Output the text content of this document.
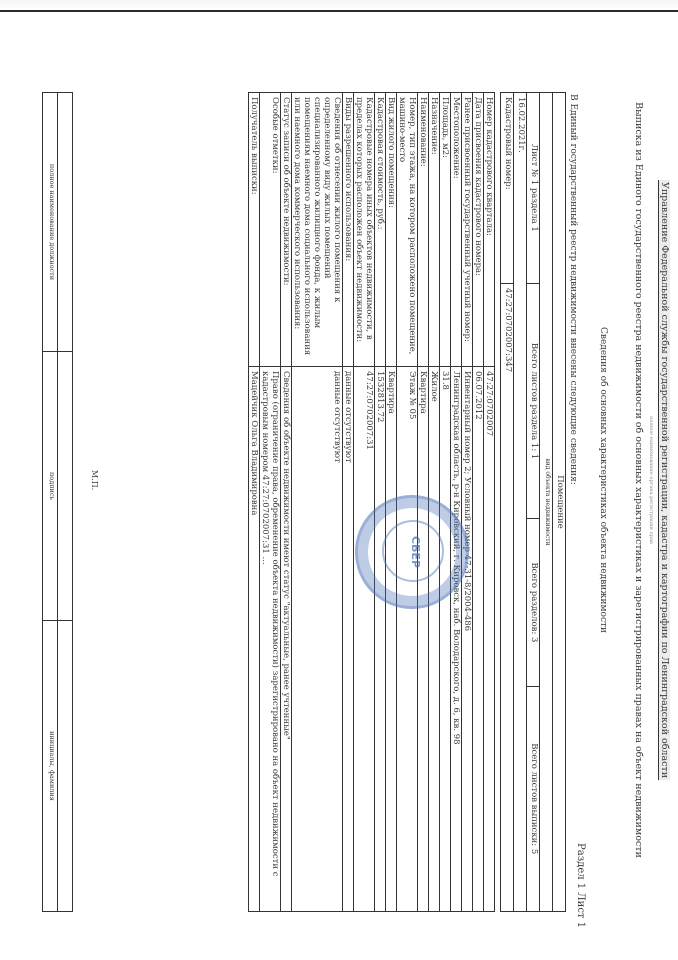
Управление Федеральной службы государственной регистрации, кадастра и картографии по Ленинградской области
полное наименование органа регистрации прав
Выписка из Единого государственного реестра недвижимости об основных характеристиках и зарегистрированных правах на объект недвижимости
Сведения об основных характеристиках объекта недвижимости
Раздел 1 Лист 1
В Единый государственный реестр недвижимости внесены следующие сведения:
Помещение			
вид объекта недвижимости			
Лист № 1 раздела 1	Всего листов раздела 1: 1	Всего разделов: 3	Всего листов выписки: 5
16.02.2021г.			
Кадастровый номер:	47:27:0702007:347		
Номер кадастрового квартала:	47:27:0702007
Дата присвоения кадастрового номера:	06.07.2012
Ранее присвоенный государственный учетный номер:	Инвентарный номер 2; Условный номер 47-31-8/2004-486
Местоположение:	Ленинградская область, р-н Кировский, г. Кировск, наб. Володарского, д. 6, кв. 98
Площадь, м2:	31.8
Назначение:	Жилое
Наименование:	Квартира
Номер, тип этажа, на котором расположено помещение, машино-место	Этаж № 05
Вид жилого помещения:	Квартира
Кадастровая стоимость, руб.:	1532813.72
Кадастровые номера иных объектов недвижимости, в пределах которых расположен объект недвижимости:	47:27:0702007:31
Виды разрешенного использования:	данные отсутствуют
Сведения об отнесении жилого помещения к определенному виду жилых помещений специализированного жилищного фонда, к жилым помещениям наемного дома социального использования или наемного дома коммерческого использования:	данные отсутствуют
Статус записи об объекте недвижимости:	Сведения об объекте недвижимости имеют статус "актуальные, ранее учтенные"
Особые отметки:	Право (ограничение права, обременение объекта недвижимости) зарегистрировано на объект недвижимости с кадастровым номером 47:27:0702007:31 ...
Получатель выписки:	Мацейчик Ольга Владимировна
М.П.

полное наименование должности	подпись	инициалы, фамилия
СБЕР
